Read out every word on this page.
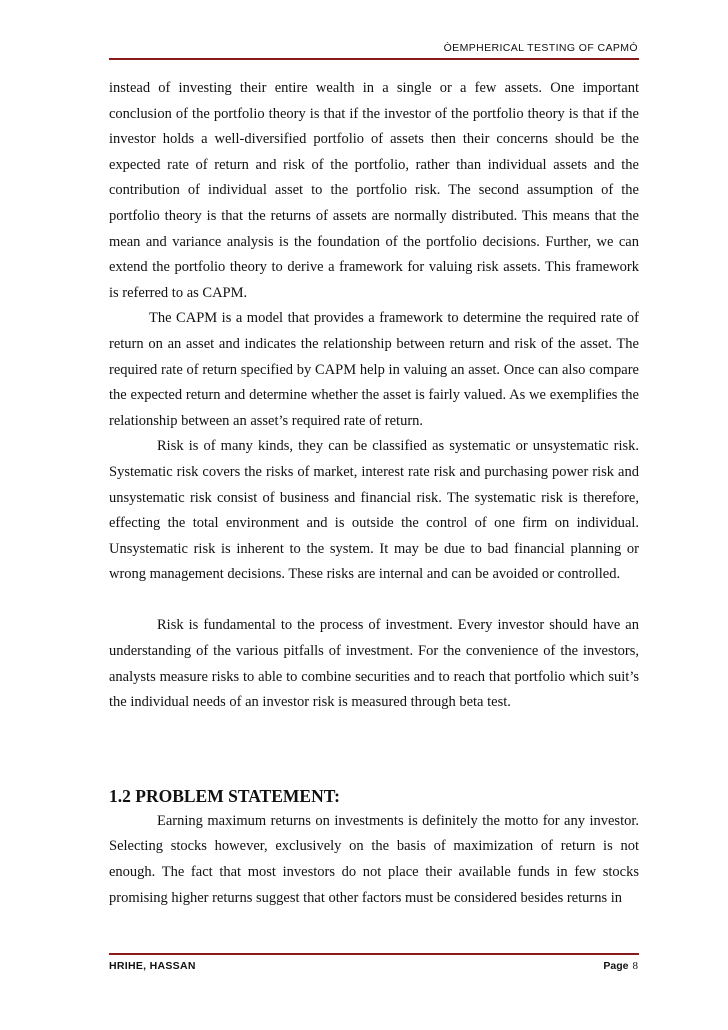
ÒEMPHERICAL TESTING OF CAPMÓ

instead of investing their entire wealth in a single or a few assets. One important conclusion of the portfolio theory is that if the investor of the portfolio theory is that if the investor holds a well-diversified portfolio of assets then their concerns should be the expected rate of return and risk of the portfolio, rather than individual assets and the contribution of individual asset to the portfolio risk. The second assumption of the portfolio theory is that the returns of assets are normally distributed. This means that the mean and variance analysis is the foundation of the portfolio decisions. Further, we can extend the portfolio theory to derive a framework for valuing risk assets. This framework is referred to as CAPM.

The CAPM is a model that provides a framework to determine the required rate of return on an asset and indicates the relationship between return and risk of the asset. The required rate of return specified by CAPM help in valuing an asset. Once can also compare the expected return and determine whether the asset is fairly valued. As we exemplifies the relationship between an asset’s required rate of return.

Risk is of many kinds, they can be classified as systematic or unsystematic risk. Systematic risk covers the risks of market, interest rate risk and purchasing power risk and unsystematic risk consist of business and financial risk. The systematic risk is therefore, effecting the total environment and is outside the control of one firm on individual. Unsystematic risk is inherent to the system. It may be due to bad financial planning or wrong management decisions. These risks are internal and can be avoided or controlled.

Risk is fundamental to the process of investment. Every investor should have an understanding of the various pitfalls of investment. For the convenience of the investors, analysts measure risks to able to combine securities and to reach that portfolio which suit’s the individual needs of an investor risk is measured through beta test.

1.2 PROBLEM STATEMENT:

Earning maximum returns on investments is definitely the motto for any investor. Selecting stocks however, exclusively on the basis of maximization of return is not enough. The fact that most investors do not place their available funds in few stocks promising higher returns suggest that other factors must be considered besides returns in

HRIHE, HASSAN	Page 8
